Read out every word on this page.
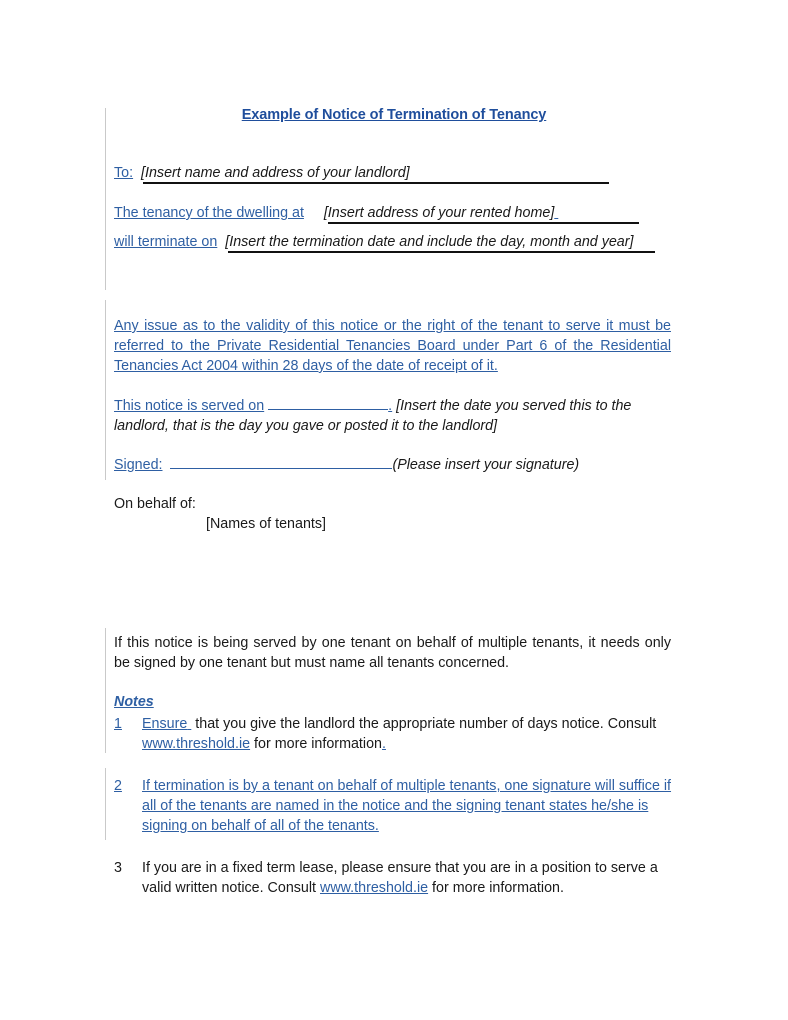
Example of Notice of Termination of Tenancy
To: [Insert name and address of your landlord]
The tenancy of the dwelling at [Insert address of your rented home]
will terminate on [Insert the termination date and include the day, month and year]
Any issue as to the validity of this notice or the right of the tenant to serve it must be referred to the Private Residential Tenancies Board under Part 6 of the Residential Tenancies Act 2004 within 28 days of the date of receipt of it.
This notice is served on	. [Insert the date you served this to the landlord, that is the day you gave or posted it to the landlord]
Signed:	(Please insert your signature)
On behalf of:
[Names of tenants]
If this notice is being served by one tenant on behalf of multiple tenants, it needs only be signed by one tenant but must name all tenants concerned.
Notes
1	Ensure  that you give the landlord the appropriate number of days notice. Consult www.threshold.ie for more information.
2	If termination is by a tenant on behalf of multiple tenants, one signature will suffice if all of the tenants are named in the notice and the signing tenant states he/she is signing on behalf of all of the tenants.
3	If you are in a fixed term lease, please ensure that you are in a position to serve a valid written notice. Consult www.threshold.ie for more information.
